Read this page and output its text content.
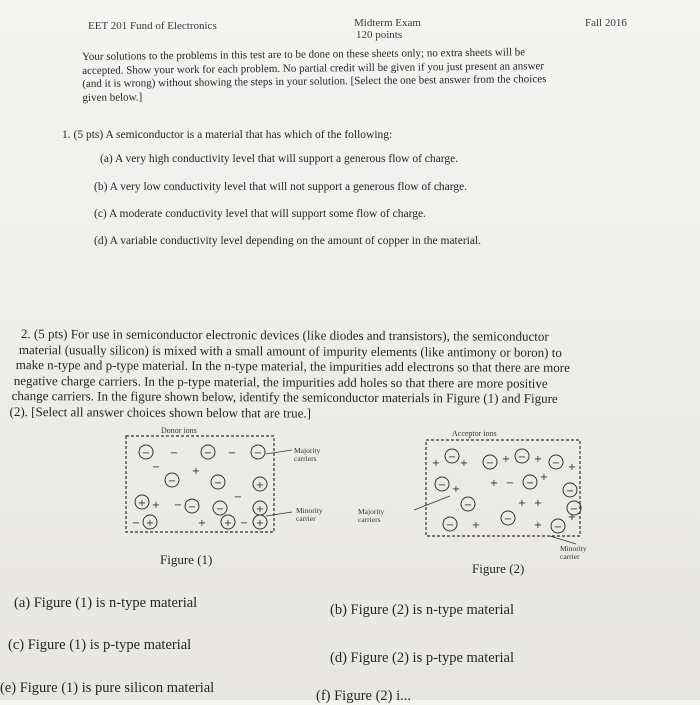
EET 201 Fund of Electronics	Midterm Exam
120 points
Fall 2016
Your solutions to the problems in this test are to be done on these sheets only; no extra sheets will be
accepted. Show your work for each problem. No partial credit will be given if you just present an answer
(and it is wrong) without showing the steps in your solution. [Select the one best answer from the choices
given below.]
1. (5 pts) A semiconductor is a material that has which of the following:
(a) A very high conductivity level that will support a generous flow of charge.
(b) A very low conductivity level that will not support a generous flow of charge.
(c) A moderate conductivity level that will support some flow of charge.
(d) A variable conductivity level depending on the amount of copper in the material.
2. (5 pts) For use in semiconductor electronic devices (like diodes and transistors), the semiconductor
material (usually silicon) is mixed with a small amount of impurity elements (like antimony or boron) to
make n-type and p-type material. In the n-type material, the impurities add electrons so that there are more
negative charge carriers. In the p-type material, the impurities add holes so that there are more positive
change carriers. In the figure shown below, identify the semiconductor materials in Figure (1) and Figure
(2). [Select all answer choices shown below that are true.]
Donor ions
− −	− − −
−
−
+
−	+
+ + − − −
−
+
− +	+ + − +
Majority
carriers
Minority
carrier
Figure (1)
Acceptor ions
+
−
+ − + − + − +
− +
+ − −
+
−
−	+ +
−
− +
−
+ −
+
Majority
carriers
Minority
carrier
Figure (2)
(a) Figure (1) is n-type material	(b) Figure (2) is n-type material
(c) Figure (1) is p-type material
(d) Figure (2) is p-type material
(e) Figure (1) is pure silicon material	(f) Figure (2) i...
